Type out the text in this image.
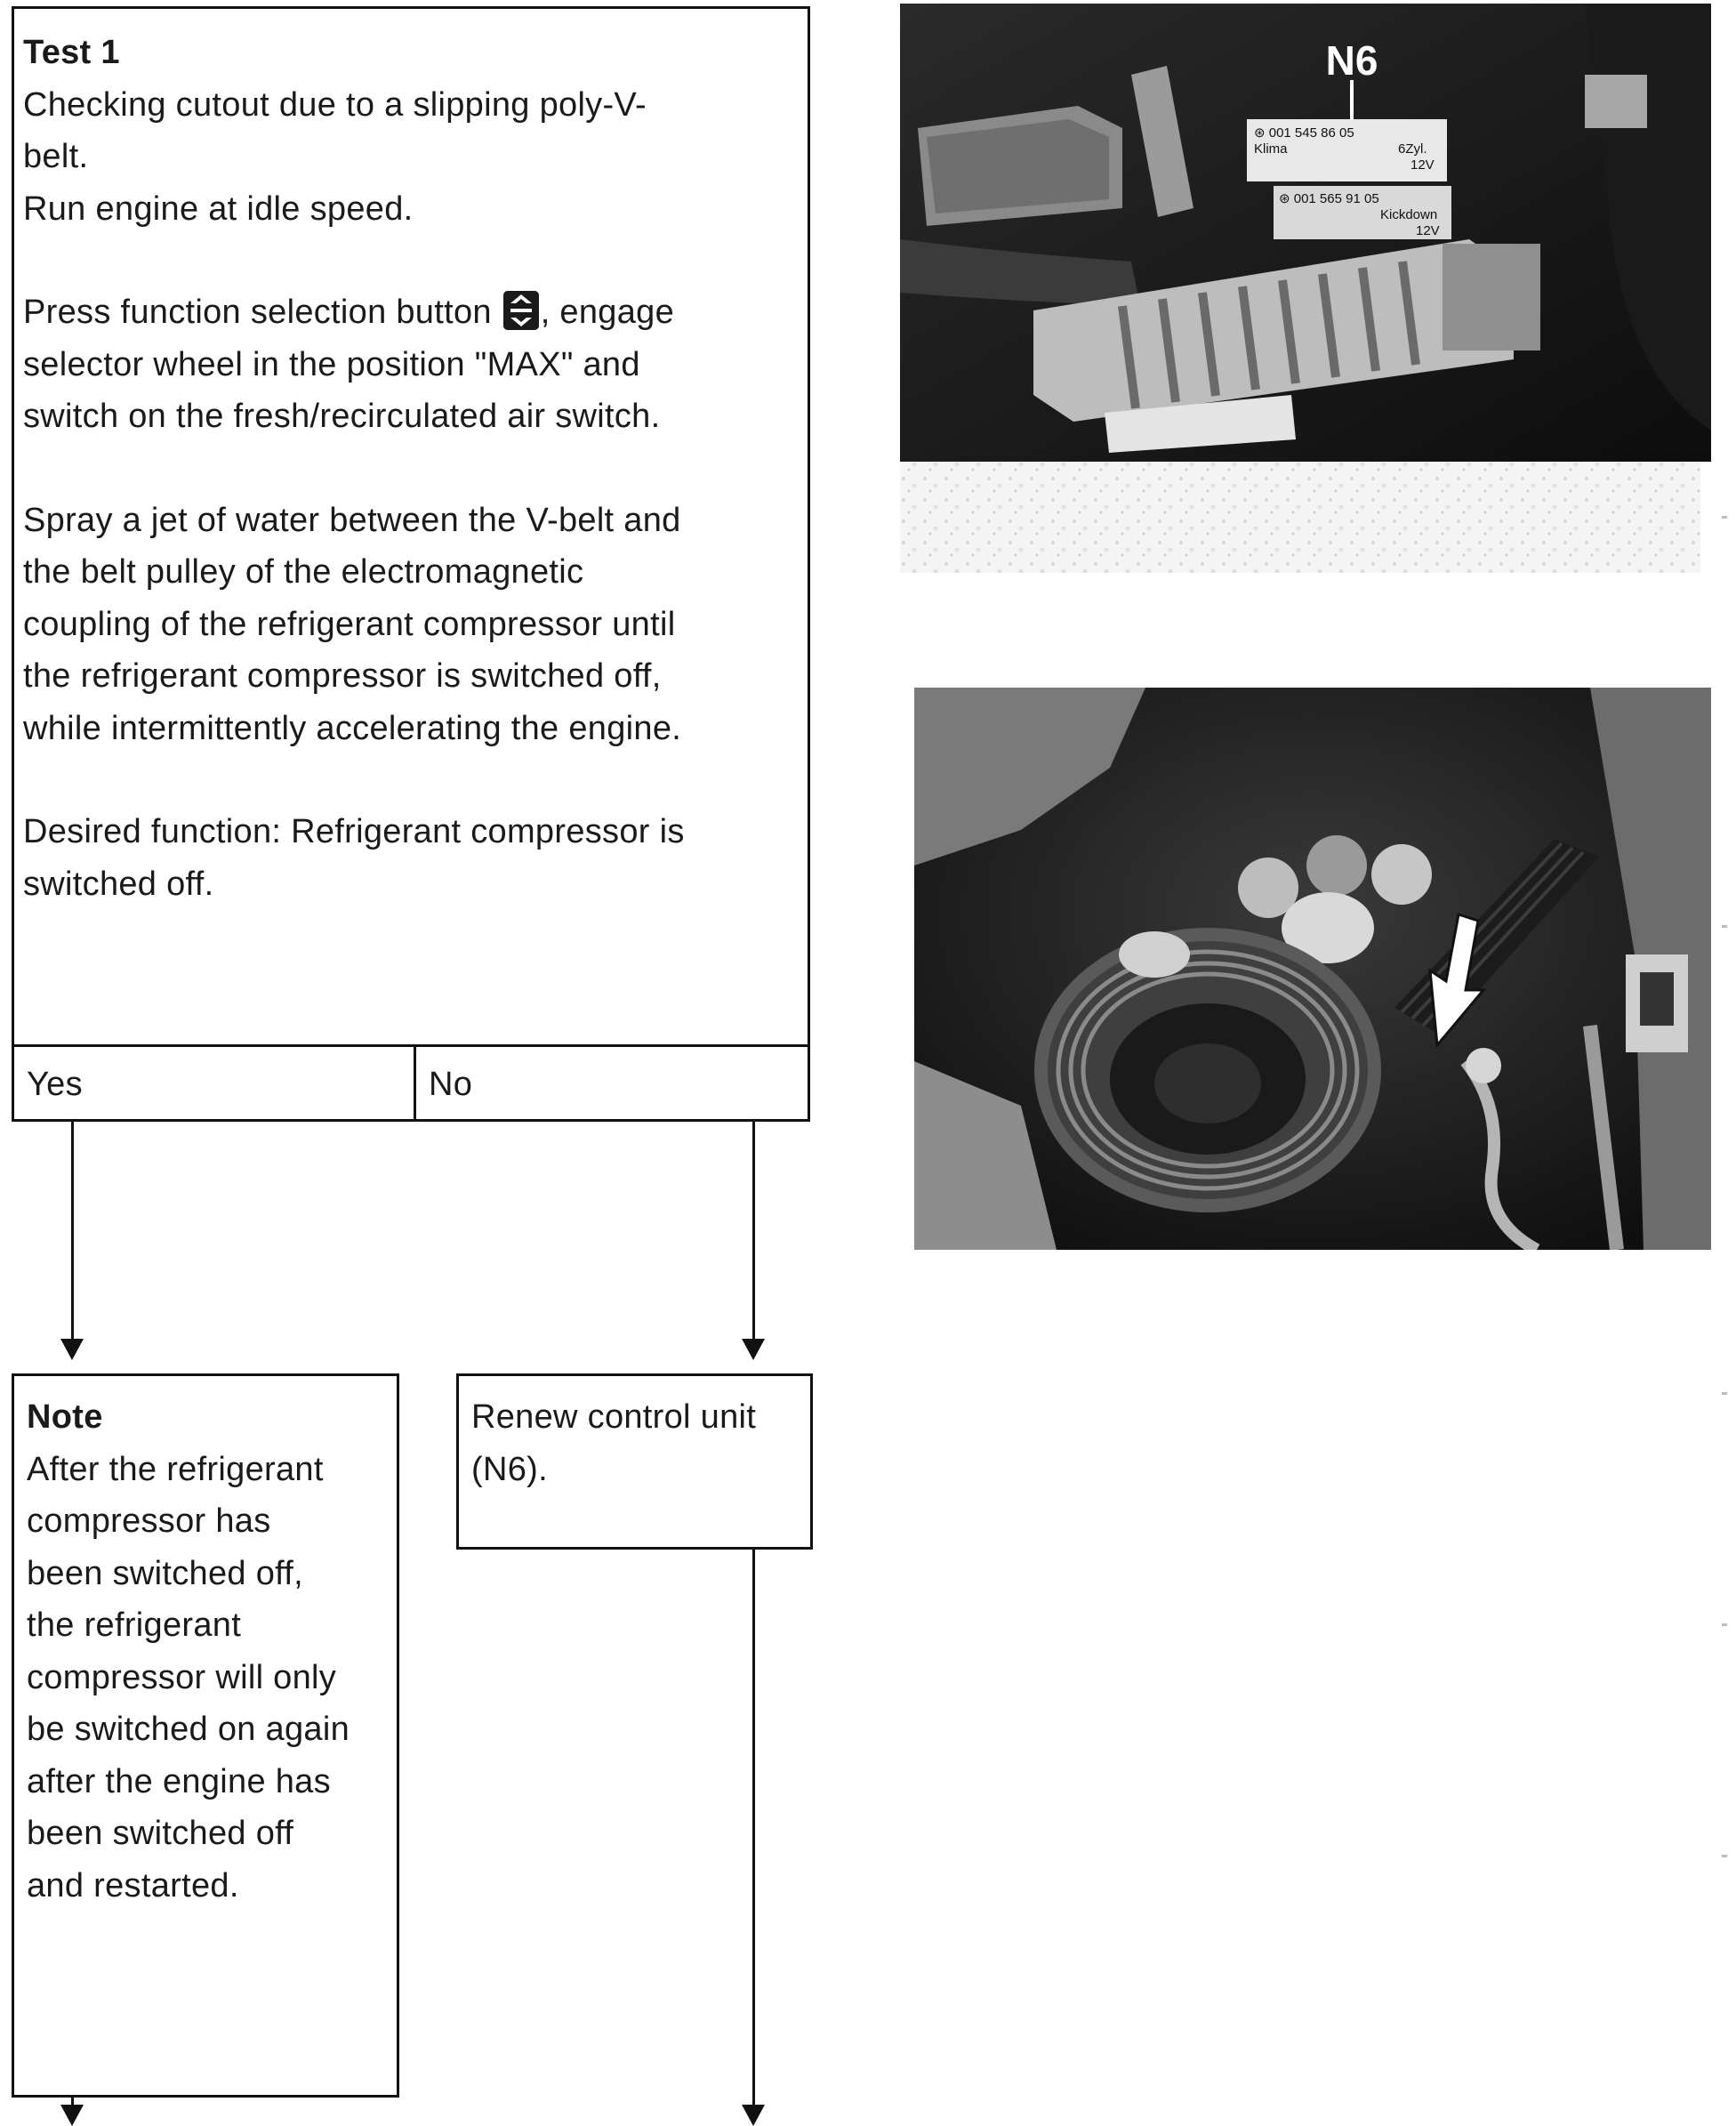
Test 1

Checking cutout due to a slipping poly-V-

belt.

Run engine at idle speed.

Press function selection button , engage

selector wheel in the position "MAX" and

switch on the fresh/recirculated air switch.

Spray a jet of water between the V-belt and

the belt pulley of the electromagnetic

coupling of the refrigerant compressor until

the refrigerant compressor is switched off,

while intermittently accelerating the engine.

Desired function: Refrigerant compressor is

switched off.

Yes	No

Note

After the refrigerant

compressor has

been switched off,

the refrigerant

compressor will only

be switched on again

after the engine has

been switched off

and restarted.

Renew control unit

(N6).

N6
⊛ 001 545 86 05
Klima	6Zyl.
12V
⊛ 001 565 91 05
Kickdown
12V
